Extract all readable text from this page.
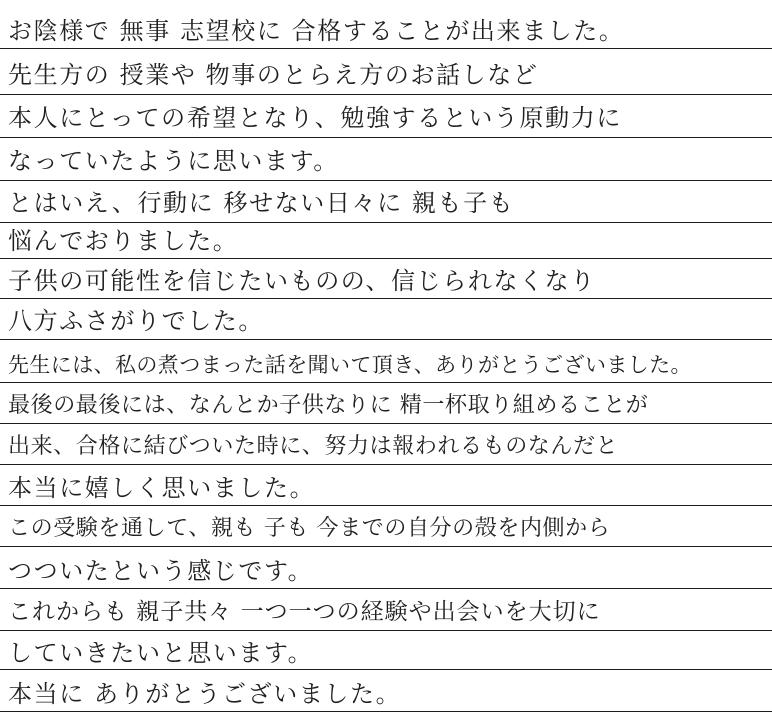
お陰様で 無事 志望校に 合格することが出来ました。
先生方の 授業や 物事のとらえ方のお話しなど
本人にとっての希望となり、勉強するという原動力に
なっていたように思います。
とはいえ、行動に 移せない日々に 親も子も
悩んでおりました。
子供の可能性を信じたいものの、信じられなくなり
八方ふさがりでした。
先生には、私の煮つまった話を聞いて頂き、ありがとうございました。
最後の最後には、なんとか子供なりに 精一杯取り組めることが
出来、合格に結びついた時に、努力は報われるものなんだと
本当に嬉しく思いました。
この受験を通して、親も 子も 今までの自分の殻を内側から
つついたという感じです。
これからも 親子共々 一つ一つの経験や出会いを大切に
していきたいと思います。
本当に ありがとうございました。
